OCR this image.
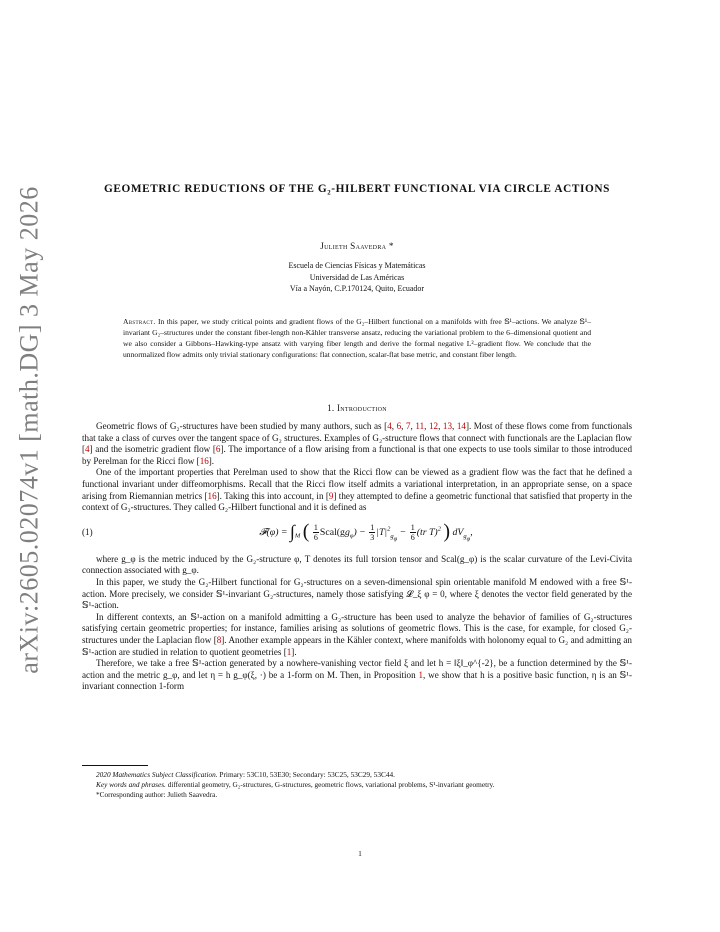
arXiv:2605.02074v1 [math.DG] 3 May 2026	GEOMETRIC REDUCTIONS OF THE G₂-HILBERT FUNCTIONAL VIA CIRCLE ACTIONS
Julieth Saavedra *
Escuela de Ciencias Físicas y Matemáticas
Universidad de Las Américas
Vía a Nayón, C.P.170124, Quito, Ecuador
Abstract. In this paper, we study critical points and gradient flows of the G₂–Hilbert functional on a manifolds with free 𝕊¹–actions. We analyze 𝕊¹–invariant G₂–structures under the constant fiber-length non-Kähler transverse ansatz, reducing the variational problem to the 6–dimensional quotient and we also consider a Gibbons–Hawking-type ansatz with varying fiber length and derive the formal negative L²–gradient flow. We conclude that the unnormalized flow admits only trivial stationary configurations: flat connection, scalar-flat base metric, and constant fiber length.
1. Introduction

Geometric flows of G₂-structures have been studied by many authors, such as [4, 6, 7, 11, 12, 13, 14]. Most of these flows come from functionals that take a class of curves over the tangent space of G₂ structures. Examples of G₂-structure flows that connect with functionals are the Laplacian flow [4] and the isometric gradient flow [6]. The importance of a flow arising from a functional is that one expects to use tools similar to those introduced by Perelman for the Ricci flow [16].

One of the important properties that Perelman used to show that the Ricci flow can be viewed as a gradient flow was the fact that he defined a functional invariant under diffeomorphisms. Recall that the Ricci flow itself admits a variational interpretation, in an appropriate sense, on a space arising from Riemannian metrics [16]. Taking this into account, in [9] they attempted to define a geometric functional that satisfied that property in the context of G₂-structures. They called G₂-Hilbert functional and it is defined as

(1)	𝓕(φ) = $\int_M$ ( $\frac{1}{6}$ $Scal(gg_\varphi) - \frac{1}{3} |T|^2_{g_\varphi} - \frac{1}{6} (tr$ T)$^2$ ) $dV_{g_\varphi}$,

where g_φ is the metric induced by the G₂-structure φ, T denotes its full torsion tensor and Scal(g_φ) is the scalar curvature of the Levi-Civita connection associated with g_φ.

In this paper, we study the G₂-Hilbert functional for G₂-structures on a seven-dimensional spin orientable manifold M endowed with a free 𝕊¹-action. More precisely, we consider 𝕊¹-invariant G₂-structures, namely those satisfying 𝓛_ξ φ = 0, where ξ denotes the vector field generated by the 𝕊¹-action.

In different contexts, an 𝕊¹-action on a manifold admitting a G₂-structure has been used to analyze the behavior of families of G₂-structures satisfying certain geometric properties; for instance, families arising as solutions of geometric flows. This is the case, for example, for closed G₂-structures under the Laplacian flow [8]. Another example appears in the Kähler context, where manifolds with holonomy equal to G₂ and admitting an 𝕊¹-action are studied in relation to quotient geometries [1].

Therefore, we take a free 𝕊¹-action generated by a nowhere-vanishing vector field ξ and let h = ‖ξ‖_φ^{-2}, be a function determined by the 𝕊¹-action and the metric g_φ, and let η = h g_φ(ξ, ·) be a 1-form on M. Then, in Proposition 1, we show that h is a positive basic function, η is an 𝕊¹-invariant connection 1-form

2020 Mathematics Subject Classification. Primary: 53C10, 53E30; Secondary: 53C25, 53C29, 53C44.
Key words and phrases. differential geometry, G₂-structures, G-structures, geometric flows, variational problems, S¹-invariant geometry.
*Corresponding author: Julieth Saavedra.
1
